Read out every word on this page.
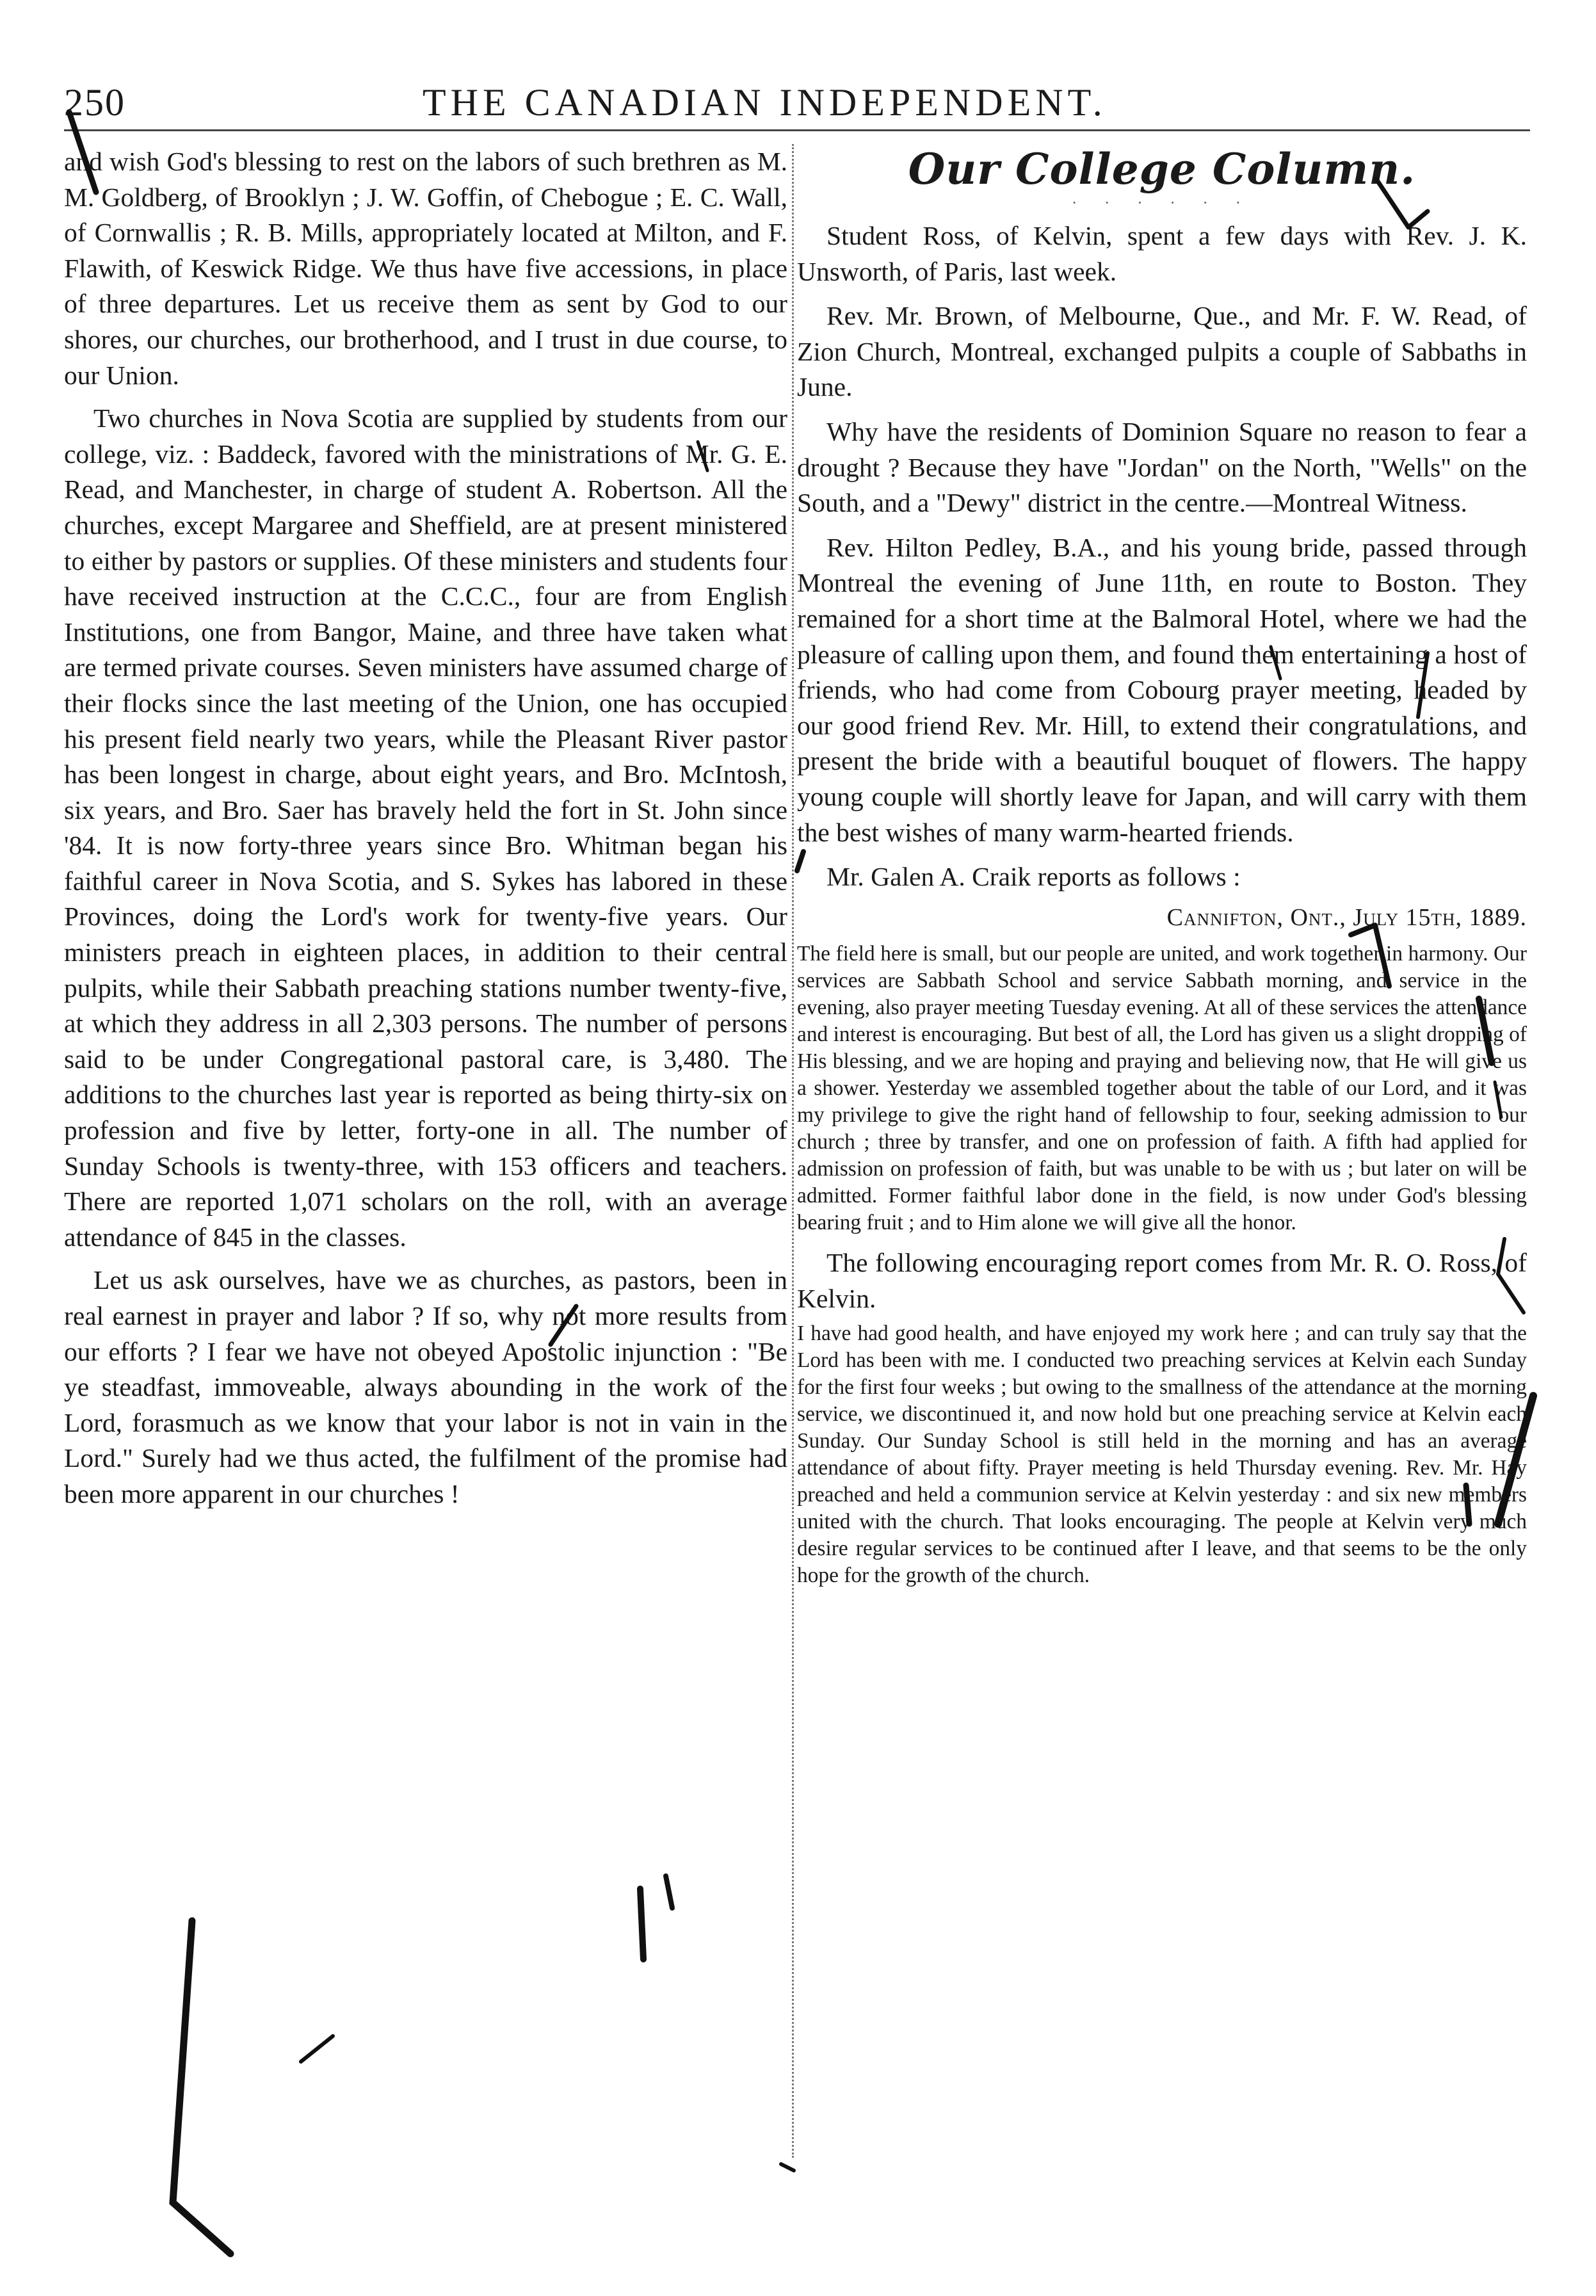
250	THE CANADIAN INDEPENDENT.

and wish God's blessing to rest on the labors of such brethren as M. M. Goldberg, of Brooklyn ; J. W. Goffin, of Chebogue ; E. C. Wall, of Cornwallis ; R. B. Mills, appropriately located at Milton, and F. Flawith, of Keswick Ridge. We thus have five accessions, in place of three departures. Let us receive them as sent by God to our shores, our churches, our brotherhood, and I trust in due course, to our Union.

Two churches in Nova Scotia are supplied by students from our college, viz. : Baddeck, favored with the ministrations of Mr. G. E. Read, and Manchester, in charge of student A. Robertson. All the churches, except Margaree and Sheffield, are at present ministered to either by pastors or supplies. Of these ministers and students four have received instruction at the C.C.C., four are from English Institutions, one from Bangor, Maine, and three have taken what are termed private courses. Seven ministers have assumed charge of their flocks since the last meeting of the Union, one has occupied his present field nearly two years, while the Pleasant River pastor has been longest in charge, about eight years, and Bro. McIntosh, six years, and Bro. Saer has bravely held the fort in St. John since '84. It is now forty-three years since Bro. Whitman began his faithful career in Nova Scotia, and S. Sykes has labored in these Provinces, doing the Lord's work for twenty-five years. Our ministers preach in eighteen places, in addition to their central pulpits, while their Sabbath preaching stations number twenty-five, at which they address in all 2,303 persons. The number of persons said to be under Congregational pastoral care, is 3,480. The additions to the churches last year is reported as being thirty-six on profession and five by letter, forty-one in all. The number of Sunday Schools is twenty-three, with 153 officers and teachers. There are reported 1,071 scholars on the roll, with an average attendance of 845 in the classes.

Let us ask ourselves, have we as churches, as pastors, been in real earnest in prayer and labor ? If so, why not more results from our efforts ? I fear we have not obeyed Apostolic injunction : "Be ye steadfast, immoveable, always abounding in the work of the Lord, forasmuch as we know that your labor is not in vain in the Lord." Surely had we thus acted, the fulfilment of the promise had been more apparent in our churches !

Our College Column.
· · · · · ·

Student Ross, of Kelvin, spent a few days with Rev. J. K. Unsworth, of Paris, last week.

Rev. Mr. Brown, of Melbourne, Que., and Mr. F. W. Read, of Zion Church, Montreal, exchanged pulpits a couple of Sabbaths in June.

Why have the residents of Dominion Square no reason to fear a drought ? Because they have "Jordan" on the North, "Wells" on the South, and a "Dewy" district in the centre.—Montreal Witness.

Rev. Hilton Pedley, B.A., and his young bride, passed through Montreal the evening of June 11th, en route to Boston. They remained for a short time at the Balmoral Hotel, where we had the pleasure of calling upon them, and found them entertaining a host of friends, who had come from Cobourg prayer meeting, headed by our good friend Rev. Mr. Hill, to extend their congratulations, and present the bride with a beautiful bouquet of flowers. The happy young couple will shortly leave for Japan, and will carry with them the best wishes of many warm-hearted friends.

Mr. Galen A. Craik reports as follows :

Cannifton, Ont., July 15th, 1889.

The field here is small, but our people are united, and work together in harmony. Our services are Sabbath School and service Sabbath morning, and service in the evening, also prayer meeting Tuesday evening. At all of these services the attendance and interest is encouraging. But best of all, the Lord has given us a slight dropping of His blessing, and we are hoping and praying and believing now, that He will give us a shower. Yesterday we assembled together about the table of our Lord, and it was my privilege to give the right hand of fellowship to four, seeking admission to our church ; three by transfer, and one on profession of faith. A fifth had applied for admission on profession of faith, but was unable to be with us ; but later on will be admitted. Former faithful labor done in the field, is now under God's blessing bearing fruit ; and to Him alone we will give all the honor.

The following encouraging report comes from Mr. R. O. Ross, of Kelvin.

I have had good health, and have enjoyed my work here ; and can truly say that the Lord has been with me. I conducted two preaching services at Kelvin each Sunday for the first four weeks ; but owing to the smallness of the attendance at the morning service, we discontinued it, and now hold but one preaching service at Kelvin each Sunday. Our Sunday School is still held in the morning and has an average attendance of about fifty. Prayer meeting is held Thursday evening. Rev. Mr. Hay preached and held a communion service at Kelvin yesterday : and six new members united with the church. That looks encouraging. The people at Kelvin very much desire regular services to be continued after I leave, and that seems to be the only hope for the growth of the church.
